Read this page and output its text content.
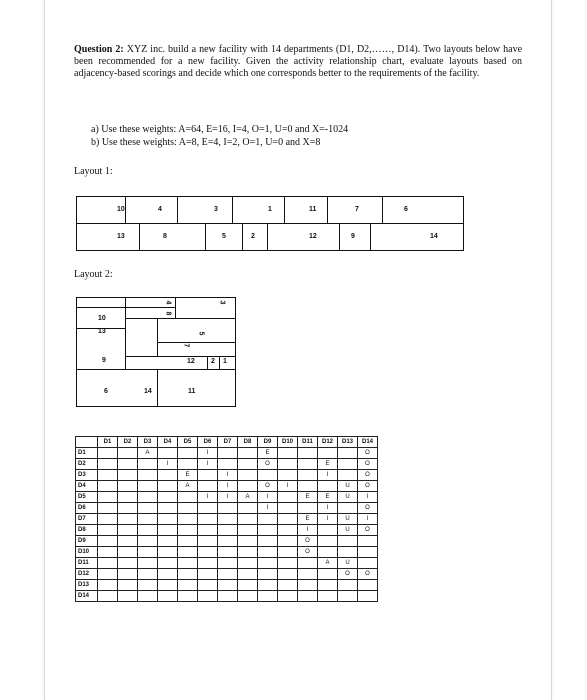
Question 2: XYZ inc. build a new facility with 14 departments (D1, D2,……, D14). Two layouts below have been recommended for a new facility. Given the activity relationship chart, evaluate layouts based on adjacency-based scorings and decide which one corresponds better to the requirements of the facility.
a) Use these weights: A=64, E=16, I=4, O=1, U=0 and X=-1024
b) Use these weights: A=8, E=4, I=2, O=1, U=0 and X=8
Layout 1:
10	4	3	1	11	7	6
13	8	5	2	12	9	14
Layout 2:
4	3
10
8
13	5
7
9	12 2 1
6	14	11
	D1	D2	D3	D4	D5	D6	D7	D8	D9	D10	D11	D12	D13	D14
D1			A			I			E					O
D2				I		I			O			E		O
D3					E		I					I		O
D4					A		I		O	I			U	O
D5						I	I	A	I		E	E	U	I
D6									I			I		O
D7											E	I	U	I
D8											I		U	O
D9											O			
D10											O			
D11												A	U	
D12													O	O
D13														
D14														
